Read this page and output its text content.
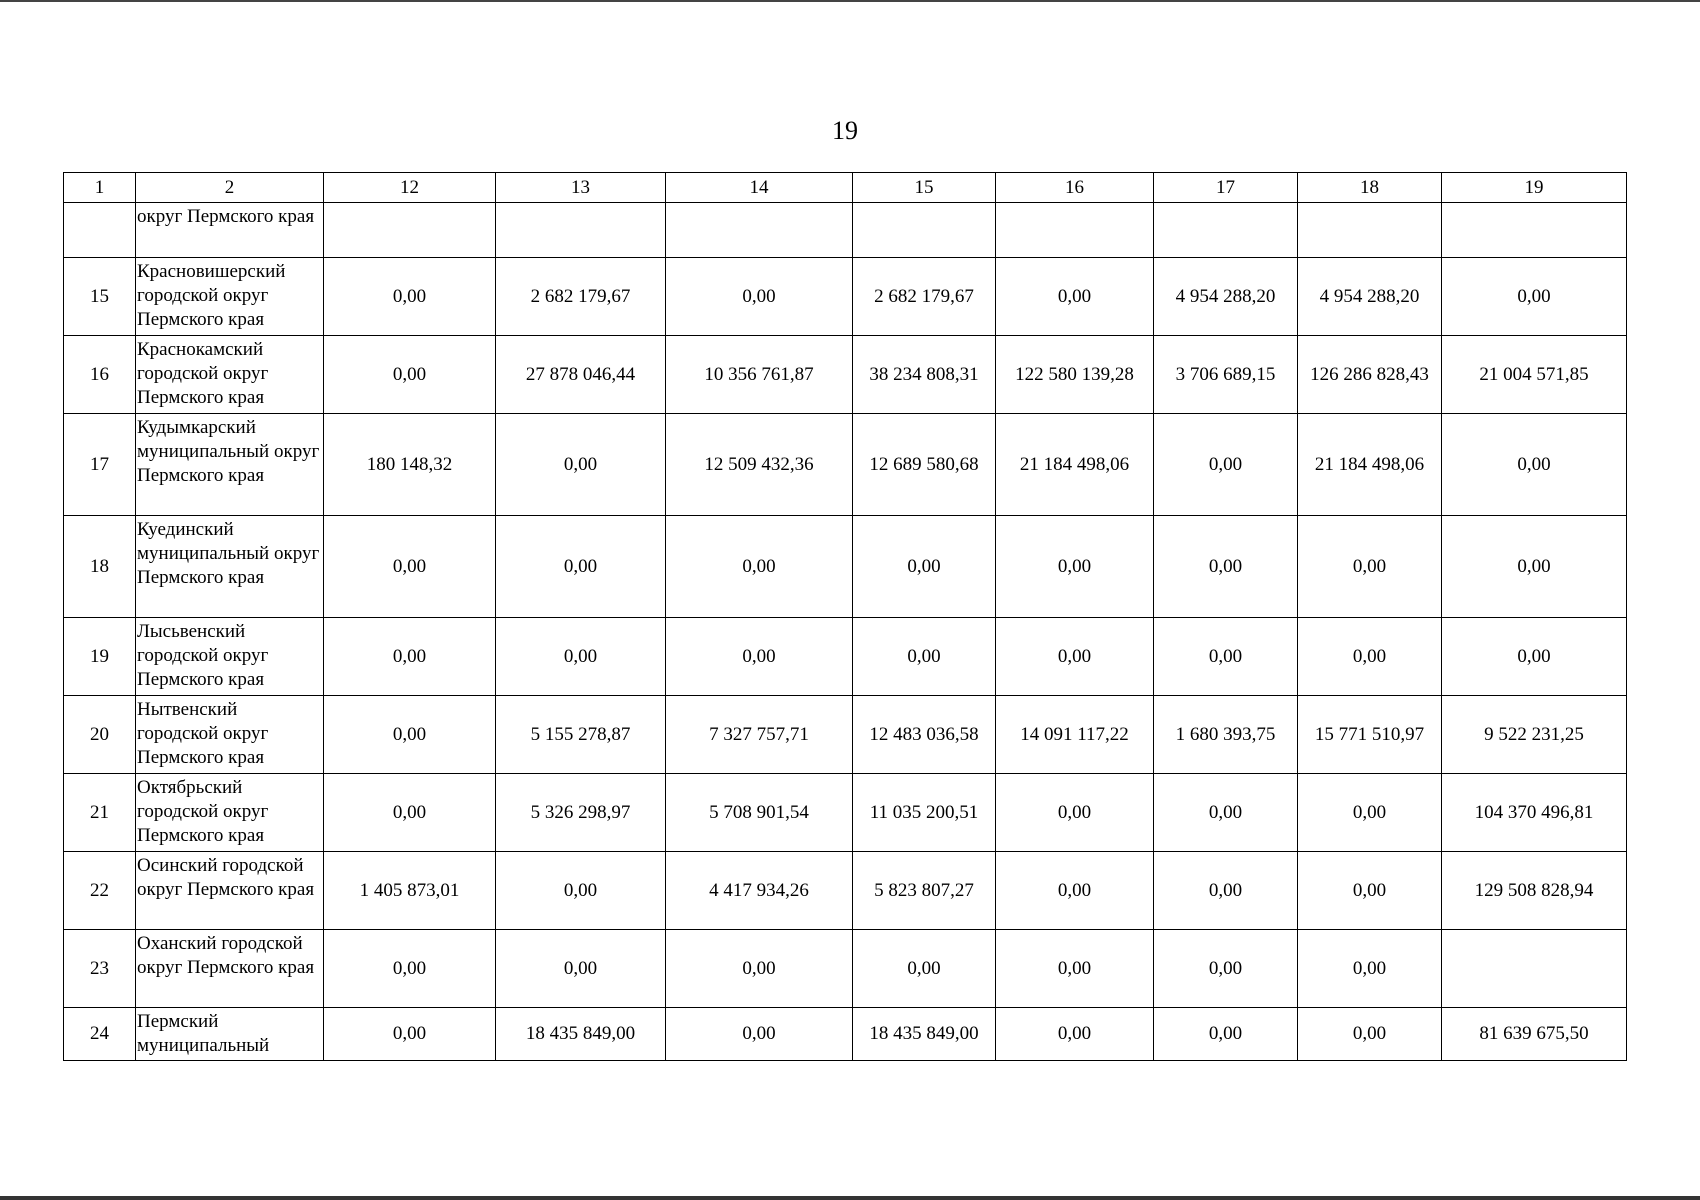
19
1	2	12	13	14	15	16	17	18	19
	округ Пермского края								
15	Красновишерский городской округ Пермского края	0,00	2 682 179,67	0,00	2 682 179,67	0,00	4 954 288,20	4 954 288,20	0,00
16	Краснокамский городской округ Пермского края	0,00	27 878 046,44	10 356 761,87	38 234 808,31	122 580 139,28	3 706 689,15	126 286 828,43	21 004 571,85
17	Кудымкарский муниципальный округ Пермского края	180 148,32	0,00	12 509 432,36	12 689 580,68	21 184 498,06	0,00	21 184 498,06	0,00
18	Куединский муниципальный округ Пермского края	0,00	0,00	0,00	0,00	0,00	0,00	0,00	0,00
19	Лысьвенский городской округ Пермского края	0,00	0,00	0,00	0,00	0,00	0,00	0,00	0,00
20	Нытвенский городской округ Пермского края	0,00	5 155 278,87	7 327 757,71	12 483 036,58	14 091 117,22	1 680 393,75	15 771 510,97	9 522 231,25
21	Октябрьский городской округ Пермского края	0,00	5 326 298,97	5 708 901,54	11 035 200,51	0,00	0,00	0,00	104 370 496,81
22	Осинский городской округ Пермского края	1 405 873,01	0,00	4 417 934,26	5 823 807,27	0,00	0,00	0,00	129 508 828,94
23	Оханский городской округ Пермского края	0,00	0,00	0,00	0,00	0,00	0,00	0,00	
24	Пермский муниципальный	0,00	18 435 849,00	0,00	18 435 849,00	0,00	0,00	0,00	81 639 675,50
